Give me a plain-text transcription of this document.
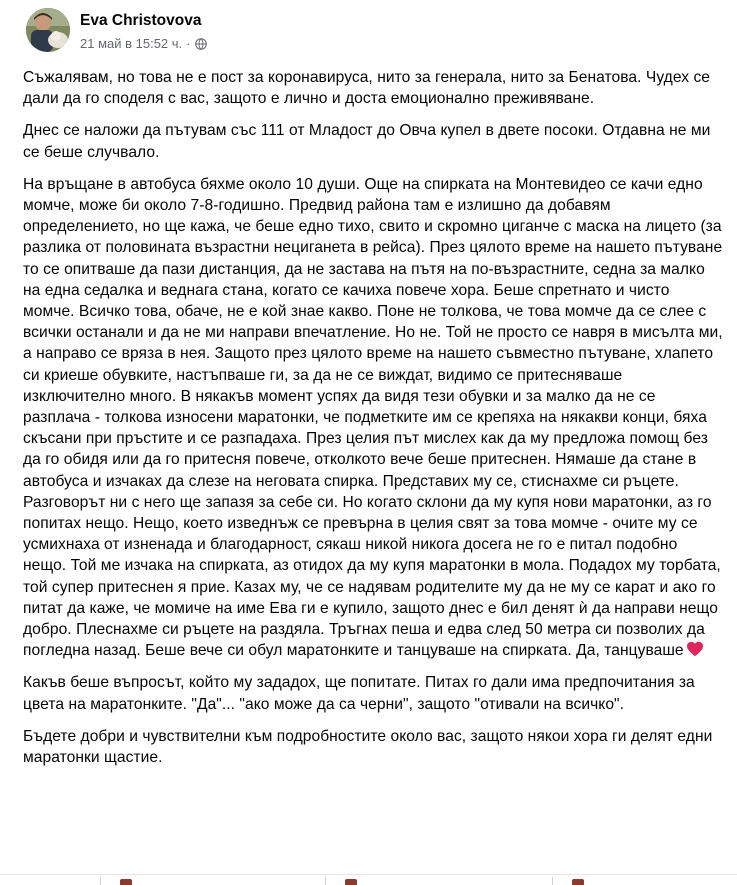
Eva Christovova
21 май в 15:52 ч. ·

Съжалявам, но това не е пост за коронавируса, нито за генерала, нито за Бенатова. Чудех се дали да го споделя с вас, защото е лично и доста емоционално преживяване.

Днес се наложи да пътувам със 111 от Младост до Овча купел в двете посоки. Отдавна не ми се беше случвало.

На връщане в автобуса бяхме около 10 души. Още на спирката на Монтевидео се качи едно момче, може би около 7-8-годишно. Предвид района там е излишно да добавям определението, но ще кажа, че беше едно тихо, свито и скромно циганче с маска на лицето (за разлика от половината възрастни нециганета в рейса). През цялото време на нашето пътуване то се опитваше да пази дистанция, да не застава на пътя на по-възрастните, седна за малко на една седалка и веднага стана, когато се качиха повече хора. Беше спретнато и чисто момче. Всичко това, обаче, не е кой знае какво. Поне не толкова, че това момче да се слее с всички останали и да не ми направи впечатление. Но не. Той не просто се навря в мисълта ми, а направо се вряза в нея. Защото през цялото време на нашето съвместно пътуване, хлапето си криеше обувките, настъпваше ги, за да не се виждат, видимо се притесняваше изключително много. В някакъв момент успях да видя тези обувки и за малко да не се разплача - толкова износени маратонки, че подметките им се крепяха на някакви конци, бяха скъсани при пръстите и се разпадаха. През целия път мислех как да му предложа помощ без да го обидя или да го притесня повече, отколкото вече беше притеснен. Нямаше да стане в автобуса и изчаках да слезе на неговата спирка. Представих му се, стиснахме си ръцете. Разговорът ни с него ще запазя за себе си. Но когато склони да му купя нови маратонки, аз го попитах нещо. Нещо, което изведнъж се превърна в целия свят за това момче - очите му се усмихнаха от изненада и благодарност, сякаш никой никога досега не го е питал подобно нещо. Той ме изчака на спирката, аз отидох да му купя маратонки в мола. Подадох му торбата, той супер притеснен я прие. Казах му, че се надявам родителите му да не му се карат и ако го питат да каже, че момиче на име Ева ги е купило, защото днес е бил денят ѝ да направи нещо добро. Плеснахме си ръцете на раздяла. Тръгнах пеша и едва след 50 метра си позволих да погледна назад. Беше вече си обул маратонките и танцуваше на спирката. Да, танцуваше

Какъв беше въпросът, който му зададох, ще попитате. Питах го дали има предпочитания за цвета на маратонките. "Да"... "ако може да са черни", защото "отивали на всичко".

Бъдете добри и чувствителни към подробностите около вас, защото някои хора ги делят едни маратонки щастие.
